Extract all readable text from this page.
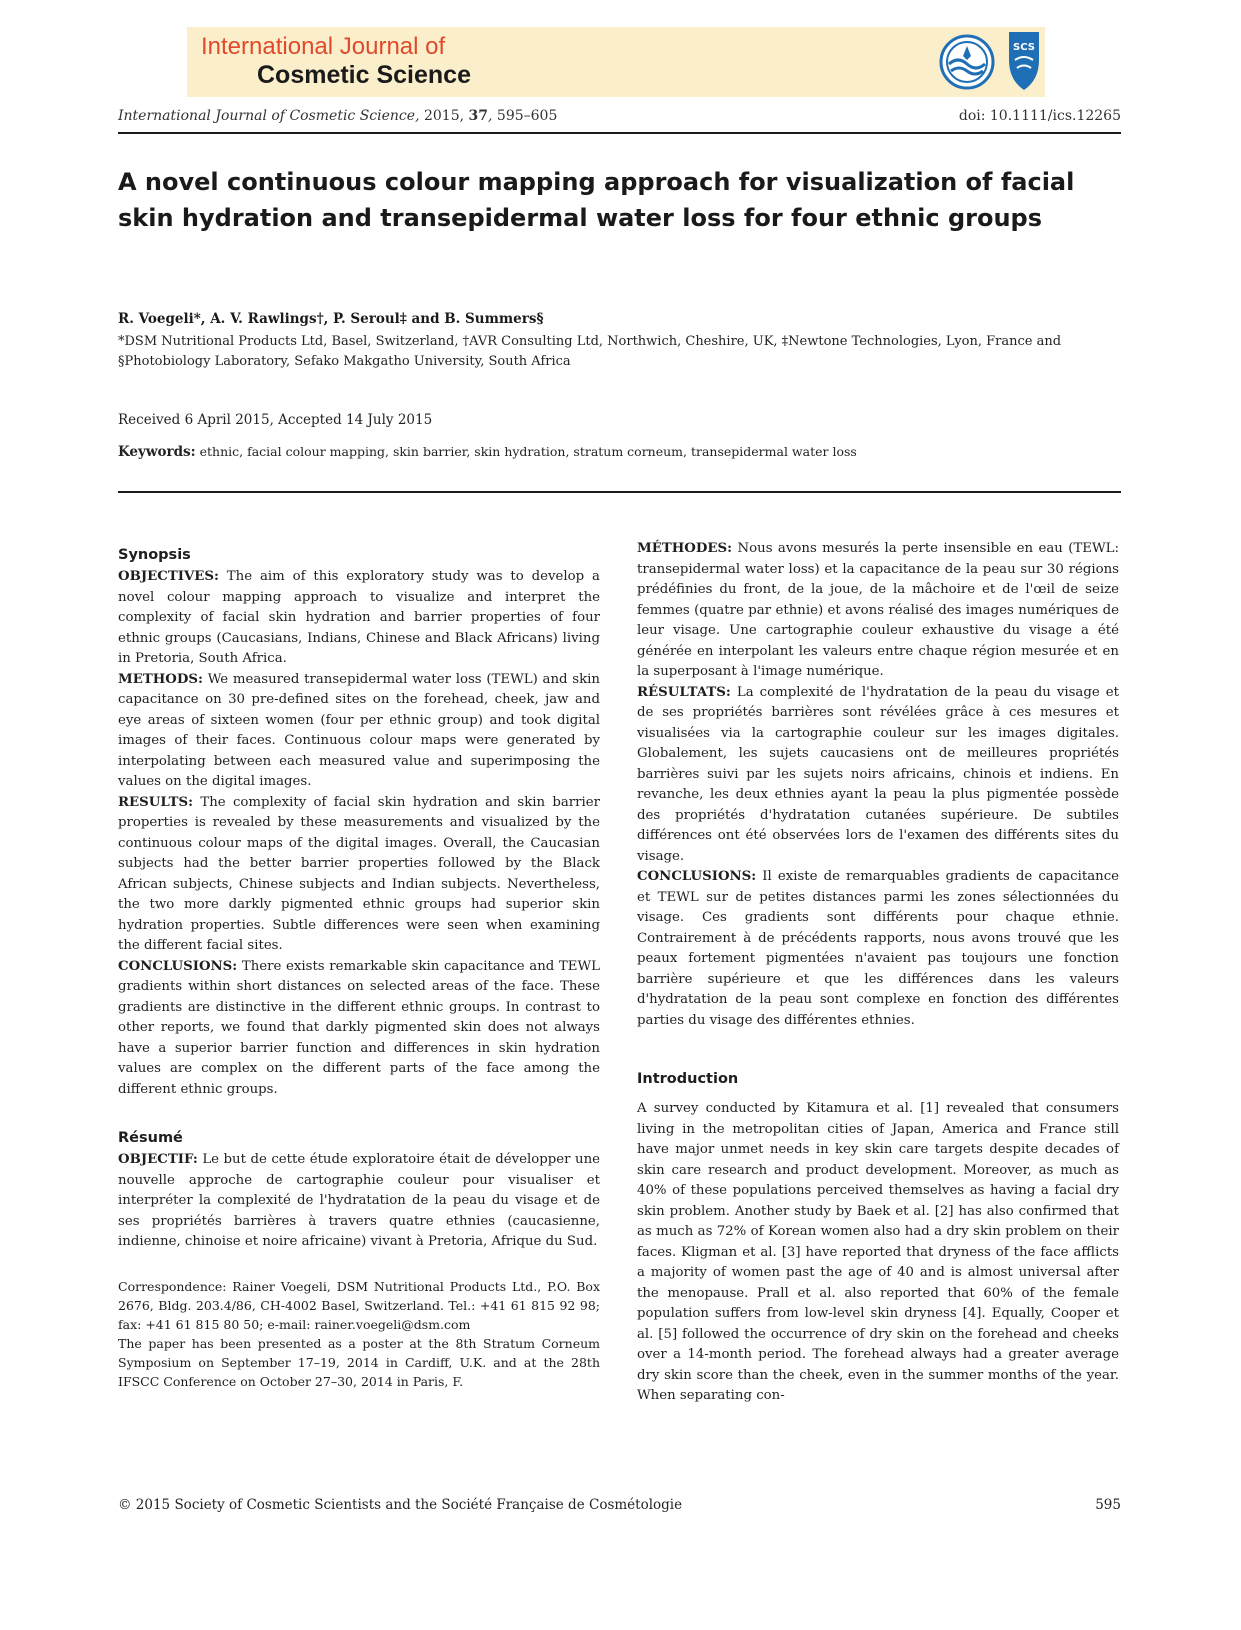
International Journal of
Cosmetic Science
SCS
International Journal of Cosmetic Science, 2015, 37, 595–605	doi: 10.1111/ics.12265
A novel continuous colour mapping approach for visualization of facial skin hydration and transepidermal water loss for four ethnic groups
R. Voegeli*, A. V. Rawlings†, P. Seroul‡ and B. Summers§
*DSM Nutritional Products Ltd, Basel, Switzerland, †AVR Consulting Ltd, Northwich, Cheshire, UK, ‡Newtone Technologies, Lyon, France and §Photobiology Laboratory, Sefako Makgatho University, South Africa
Received 6 April 2015, Accepted 14 July 2015
Keywords: ethnic, facial colour mapping, skin barrier, skin hydration, stratum corneum, transepidermal water loss
Synopsis

OBJECTIVES: The aim of this exploratory study was to develop a novel colour mapping approach to visualize and interpret the complexity of facial skin hydration and barrier properties of four ethnic groups (Caucasians, Indians, Chinese and Black Africans) living in Pretoria, South Africa.

METHODS: We measured transepidermal water loss (TEWL) and skin capacitance on 30 pre-defined sites on the forehead, cheek, jaw and eye areas of sixteen women (four per ethnic group) and took digital images of their faces. Continuous colour maps were generated by interpolating between each measured value and superimposing the values on the digital images.

RESULTS: The complexity of facial skin hydration and skin barrier properties is revealed by these measurements and visualized by the continuous colour maps of the digital images. Overall, the Caucasian subjects had the better barrier properties followed by the Black African subjects, Chinese subjects and Indian subjects. Nevertheless, the two more darkly pigmented ethnic groups had superior skin hydration properties. Subtle differences were seen when examining the different facial sites.

CONCLUSIONS: There exists remarkable skin capacitance and TEWL gradients within short distances on selected areas of the face. These gradients are distinctive in the different ethnic groups. In contrast to other reports, we found that darkly pigmented skin does not always have a superior barrier function and differences in skin hydration values are complex on the different parts of the face among the different ethnic groups.

Résumé

OBJECTIF: Le but de cette étude exploratoire était de développer une nouvelle approche de cartographie couleur pour visualiser et interpréter la complexité de l'hydratation de la peau du visage et de ses propriétés barrières à travers quatre ethnies (caucasienne, indienne, chinoise et noire africaine) vivant à Pretoria, Afrique du Sud.

Correspondence: Rainer Voegeli, DSM Nutritional Products Ltd., P.O. Box 2676, Bldg. 203.4/86, CH-4002 Basel, Switzerland. Tel.: +41 61 815 92 98; fax: +41 61 815 80 50; e-mail: rainer.voegeli@dsm.com

The paper has been presented as a poster at the 8th Stratum Corneum Symposium on September 17–19, 2014 in Cardiff, U.K. and at the 28th IFSCC Conference on October 27–30, 2014 in Paris, F.

MÉTHODES: Nous avons mesurés la perte insensible en eau (TEWL: transepidermal water loss) et la capacitance de la peau sur 30 régions prédéfinies du front, de la joue, de la mâchoire et de l'œil de seize femmes (quatre par ethnie) et avons réalisé des images numériques de leur visage. Une cartographie couleur exhaustive du visage a été générée en interpolant les valeurs entre chaque région mesurée et en la superposant à l'image numérique.

RÉSULTATS: La complexité de l'hydratation de la peau du visage et de ses propriétés barrières sont révélées grâce à ces mesures et visualisées via la cartographie couleur sur les images digitales. Globalement, les sujets caucasiens ont de meilleures propriétés barrières suivi par les sujets noirs africains, chinois et indiens. En revanche, les deux ethnies ayant la peau la plus pigmentée possède des propriétés d'hydratation cutanées supérieure. De subtiles différences ont été observées lors de l'examen des différents sites du visage.

CONCLUSIONS: Il existe de remarquables gradients de capacitance et TEWL sur de petites distances parmi les zones sélectionnées du visage. Ces gradients sont différents pour chaque ethnie. Contrairement à de précédents rapports, nous avons trouvé que les peaux fortement pigmentées n'avaient pas toujours une fonction barrière supérieure et que les différences dans les valeurs d'hydratation de la peau sont complexe en fonction des différentes parties du visage des différentes ethnies.

Introduction

A survey conducted by Kitamura et al. [1] revealed that consumers living in the metropolitan cities of Japan, America and France still have major unmet needs in key skin care targets despite decades of skin care research and product development. Moreover, as much as 40% of these populations perceived themselves as having a facial dry skin problem. Another study by Baek et al. [2] has also confirmed that as much as 72% of Korean women also had a dry skin problem on their faces. Kligman et al. [3] have reported that dryness of the face afflicts a majority of women past the age of 40 and is almost universal after the menopause. Prall et al. also reported that 60% of the female population suffers from low-level skin dryness [4]. Equally, Cooper et al. [5] followed the occurrence of dry skin on the forehead and cheeks over a 14-month period. The forehead always had a greater average dry skin score than the cheek, even in the summer months of the year. When separating con-

© 2015 Society of Cosmetic Scientists and the Société Française de Cosmétologie	595
